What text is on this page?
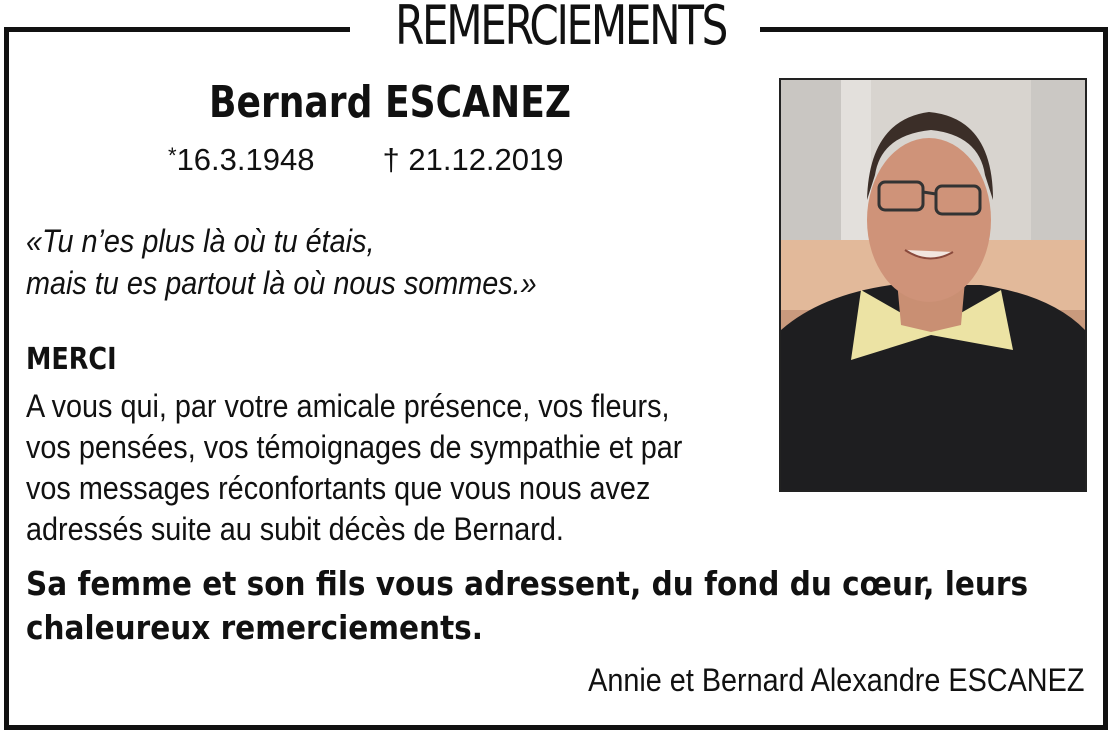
REMERCIEMENTS
Bernard ESCANEZ
*16.3.1948 † 21.12.2019
«Tu n’es plus là où tu étais,
mais tu es partout là où nous sommes.»
MERCI
A vous qui, par votre amicale présence, vos fleurs,
vos pensées, vos témoignages de sympathie et par
vos messages réconfortants que vous nous avez
adressés suite au subit décès de Bernard.
Sa femme et son fils vous adressent, du fond du cœur, leurs
chaleureux remerciements.
Annie et Bernard Alexandre ESCANEZ
